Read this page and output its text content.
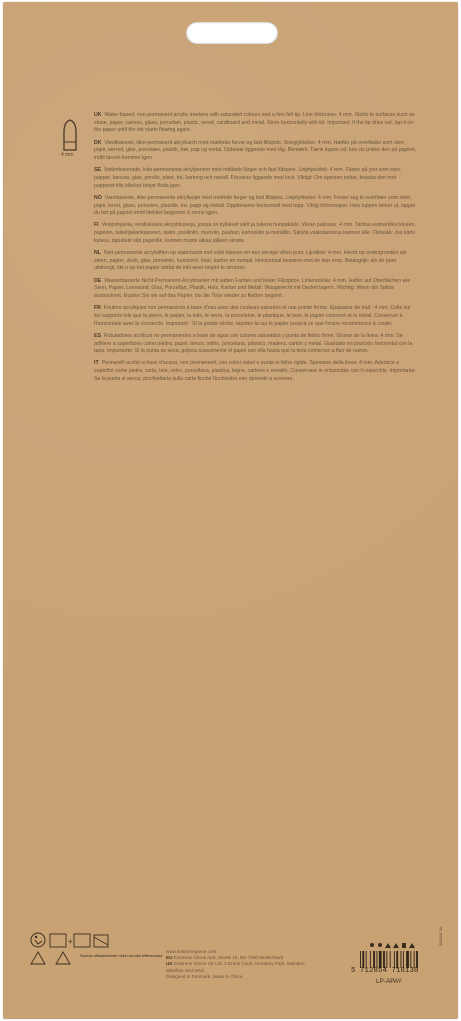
4 mm

UK Water-based, non-permanent acrylic markers with saturated colours and a firm felt tip. Line thickness: 4 mm. Sticks to surfaces such as stone, paper, canvas, glass, porcelain, plastic, wood, cardboard and metal. Store horizontally with lid. Important: If the tip dries out, tap it on the paper until the ink starts flowing again.

DK Vandbaseret, ikke-permanent akryltusch med mættede farver og fast filtspids. Stregtykkelse: 4 mm. Hæfter på overflader som sten, papir, lærred, glas, porcelæn, plastik, træ, pap og metal. Opbevar liggende med låg. Bemærk: Tænk tippen ud, kan du prikke den på papiret, indtil farven kommer igen.

SE Vattenbaserade, icke-permanenta akrylpennor med mättade färger och fast filtspets. Linjetjocklek: 4 mm. Fäster på ytor som sten, papper, kanvas, glas, porslin, plast, trä, kartong och metall. Förvaras liggande med lock. Viktigt: Om spetsen torkar, knacka den mot papperet tills bläcket börjar flöda igen.

NO Vannbaserte, ikke-permanente akryltusjer med mettede farger og fast filtspiss. Linjetykkelse: 4 mm. Fester seg til overflater som stein, papir, lerret, glass, porselen, plastikk, tre, papp og metall. Oppbevares horisontalt med topp. Viktig informasjon: Hvis tuppen tørker ut, tapper du lett på papiret inntil blekket begynner å renne igjen.

FI Vesipohjaisia, vesiliukoisia akryylitusseja, joissa on kylläiset värit ja tukeva huopakärki. Viivan paksuus: 4 mm. Tarttuu esimerkiksi kiveen, paperiin, taiteilijakankaaseen, lasiin, posliiniin, muoviin, puuhun, kartonkiin ja metalliin. Säilytä vaakatasossa kannen alle. Tärkeää: Jos kärki kuivuu, taputtele sitä paperille, kunnes muste alkaa jälleen virrata.

NL Niet-permanente acrylstiften op waterbasis met volle kleuren en een stevige vilten punt. Lijndikte: 4 mm. Hecht op ondergronden als steen, papier, doek, glas, porselein, kunststof, hout, karton en metaal. Horizontaal bewaren met de dop erop. Belangrijk: als de punt uitdroogt, tikt u op het papier totdat de inkt weer begint te stromen.

DE Wasserbasierte Nicht-Permanent-Acrylmarker mit satten Farben und fester Filzspitze. Linienstärke: 4 mm. Haftet auf Oberflächen wie Stein, Papier, Leinwand, Glas, Porzellan, Plastik, Holz, Karton und Metall. Waagerecht mit Deckel lagern. Wichtig: Wenn die Spitze austrocknet, klopfen Sie sie auf das Papier, bis die Tinte wieder zu fließen beginnt.

FR Feutres acryliques non permanents à base d'eau avec des couleurs saturées et une pointe ferme. Épaisseur de trait : 4 mm. Colle sur les supports tels que la pierre, le papier, la toile, le verre, la porcelaine, le plastique, le bois, le papier cartonné et le métal. Conserver à l'horizontale avec le couvercle. Important : Si la pointe sèche, tapotez-la sur le papier jusqu'à ce que l'encre recommence à couler.

ES Rotuladores acrílicos no permanentes a base de agua con colores saturados y punta de fieltro firme. Grosor de la línea: 4 mm. Se adhiere a superficies como piedra, papel, lienzo, vidrio, porcelana, plástico, madera, cartón y metal. Guárdalo en posición horizontal con la tapa. Importante: Si la punta se seca, golpea suavemente el papel con ella hasta que la tinta comience a fluir de nuevo.

IT Pennarelli acrilici a base d'acqua, non permanenti, con colori saturi e punta in feltro rigida. Spessore della linea: 4 mm. Aderisce a superfici come pietra, carta, tela, vetro, porcellana, plastica, legno, cartone e metallo. Conservare in orizzontale con il coperchio. Importante: Se la punta si secca, picchiettarla sulla carta finché l'inchiostro non riprende a scorrere.

+
Scatola affidabilmente nella raccolta differenziata
www.sostrenegrene.com
EU Sostrene Grene ApS, Marsk 15, DE-7000 Musterstadt
UK Sostrene Grene UK Ltd, 2 Brook Court, Kembrey Park, Swindon, Wiltshire SN2 8AD
Designed in Denmark. Made in China.
5 712854 716130
LP-APAY
500054 3A
